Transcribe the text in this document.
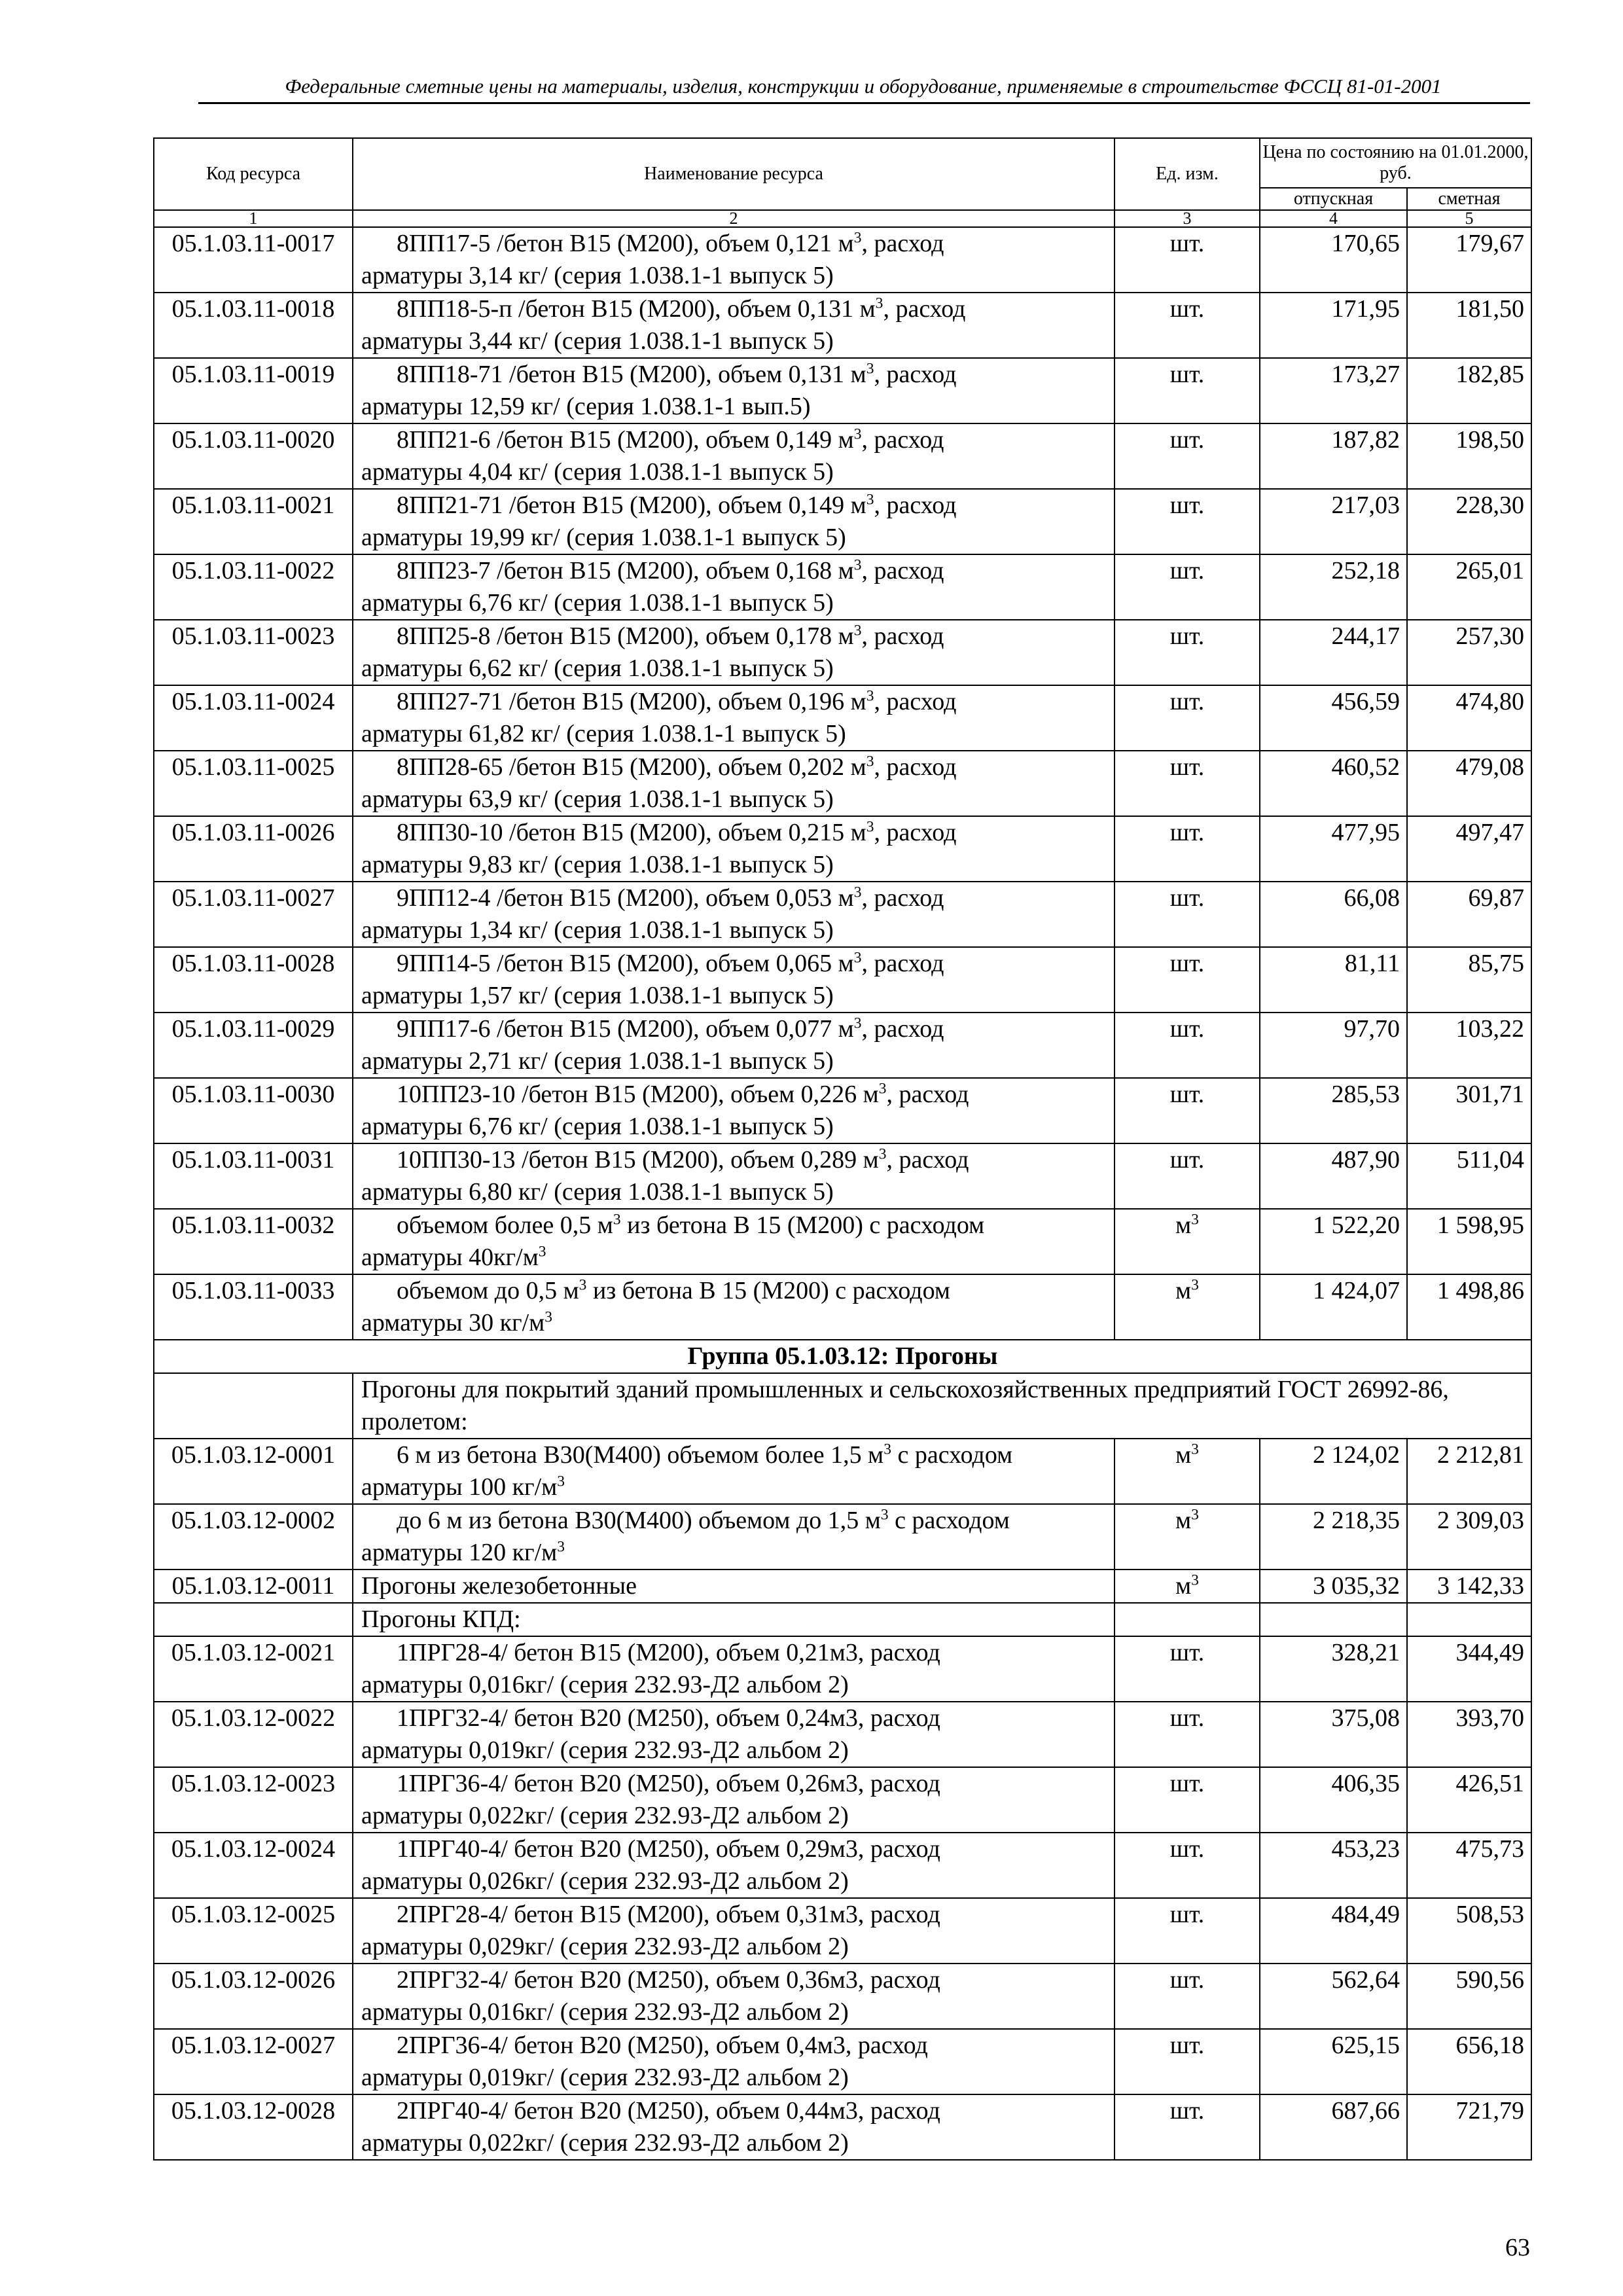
Федеральные сметные цены на материалы, изделия, конструкции и оборудование, применяемые в строительстве ФССЦ 81-01-2001
Код ресурса	Наименование ресурса	Ед. изм.	Цена по состоянию на 01.01.2000, руб.	
			отпускная	сметная
1	2	3	4	5
05.1.03.11-0017	8ПП17-5 /бетон В15 (М200), объем 0,121 $м^3$, расход
арматуры 3,14 кг/ (серия 1.038.1-1 выпуск 5)	шт.	170,65	179,67
05.1.03.11-0018	8ПП18-5-п /бетон В15 (М200), объем 0,131 $м^3$, расход
арматуры 3,44 кг/ (серия 1.038.1-1 выпуск 5)	шт.	171,95	181,50
05.1.03.11-0019	8ПП18-71 /бетон В15 (М200), объем 0,131 $м^3$, расход
арматуры 12,59 кг/ (серия 1.038.1-1 вып.5)	шт.	173,27	182,85
05.1.03.11-0020	8ПП21-6 /бетон В15 (М200), объем 0,149 $м^3$, расход
арматуры 4,04 кг/ (серия 1.038.1-1 выпуск 5)	шт.	187,82	198,50
05.1.03.11-0021	8ПП21-71 /бетон В15 (М200), объем 0,149 $м^3$, расход
арматуры 19,99 кг/ (серия 1.038.1-1 выпуск 5)	шт.	217,03	228,30
05.1.03.11-0022	8ПП23-7 /бетон В15 (М200), объем 0,168 $м^3$, расход
арматуры 6,76 кг/ (серия 1.038.1-1 выпуск 5)	шт.	252,18	265,01
05.1.03.11-0023	8ПП25-8 /бетон В15 (М200), объем 0,178 $м^3$, расход
арматуры 6,62 кг/ (серия 1.038.1-1 выпуск 5)	шт.	244,17	257,30
05.1.03.11-0024	8ПП27-71 /бетон В15 (М200), объем 0,196 $м^3$, расход
арматуры 61,82 кг/ (серия 1.038.1-1 выпуск 5)	шт.	456,59	474,80
05.1.03.11-0025	8ПП28-65 /бетон В15 (М200), объем 0,202 $м^3$, расход
арматуры 63,9 кг/ (серия 1.038.1-1 выпуск 5)	шт.	460,52	479,08
05.1.03.11-0026	8ПП30-10 /бетон В15 (М200), объем 0,215 $м^3$, расход
арматуры 9,83 кг/ (серия 1.038.1-1 выпуск 5)	шт.	477,95	497,47
05.1.03.11-0027	9ПП12-4 /бетон В15 (М200), объем 0,053 $м^3$, расход
арматуры 1,34 кг/ (серия 1.038.1-1 выпуск 5)	шт.	66,08	69,87
05.1.03.11-0028	9ПП14-5 /бетон В15 (М200), объем 0,065 $м^3$, расход
арматуры 1,57 кг/ (серия 1.038.1-1 выпуск 5)	шт.	81,11	85,75
05.1.03.11-0029	9ПП17-6 /бетон В15 (М200), объем 0,077 $м^3$, расход
арматуры 2,71 кг/ (серия 1.038.1-1 выпуск 5)	шт.	97,70	103,22
05.1.03.11-0030	10ПП23-10 /бетон В15 (М200), объем 0,226 $м^3$, расход
арматуры 6,76 кг/ (серия 1.038.1-1 выпуск 5)	шт.	285,53	301,71
05.1.03.11-0031	10ПП30-13 /бетон В15 (М200), объем 0,289 $м^3$, расход
арматуры 6,80 кг/ (серия 1.038.1-1 выпуск 5)	шт.	487,90	511,04
05.1.03.11-0032	объемом более 0,5 $м^3$ из бетона В 15 (М200) с расходом
арматуры $40кг/м^3$	$м^3$	1 522,20	1 598,95
05.1.03.11-0033	объемом до 0,5 $м^3$ из бетона В 15 (М200) с расходом
арматуры 30 $кг/м^3$	$м^3$	1 424,07	1 498,86
Группа 05.1.03.12: Прогоны				
	Прогоны для покрытий зданий промышленных и сельскохозяйственных предприятий ГОСТ 26992-86, пролетом:			
05.1.03.12-0001	6 м из бетона В30(М400) объемом более 1,5 $м^3$ с расходом
арматуры 100 $кг/м^3$	$м^3$	2 124,02	2 212,81
05.1.03.12-0002	до 6 м из бетона В30(М400) объемом до 1,5 $м^3$ с расходом
арматуры 120 $кг/м^3$	$м^3$	2 218,35	2 309,03
05.1.03.12-0011	Прогоны железобетонные	$м^3$	3 035,32	3 142,33
	Прогоны КПД:			
05.1.03.12-0021	1ПРГ28-4/ бетон В15 (М200), объем 0,21м3, расход
арматуры 0,016кг/ (серия 232.93-Д2 альбом 2)	шт.	328,21	344,49
05.1.03.12-0022	1ПРГ32-4/ бетон В20 (М250), объем 0,24м3, расход
арматуры 0,019кг/ (серия 232.93-Д2 альбом 2)	шт.	375,08	393,70
05.1.03.12-0023	1ПРГ36-4/ бетон В20 (М250), объем 0,26м3, расход
арматуры 0,022кг/ (серия 232.93-Д2 альбом 2)	шт.	406,35	426,51
05.1.03.12-0024	1ПРГ40-4/ бетон В20 (М250), объем 0,29м3, расход
арматуры 0,026кг/ (серия 232.93-Д2 альбом 2)	шт.	453,23	475,73
05.1.03.12-0025	2ПРГ28-4/ бетон В15 (М200), объем 0,31м3, расход
арматуры 0,029кг/ (серия 232.93-Д2 альбом 2)	шт.	484,49	508,53
05.1.03.12-0026	2ПРГ32-4/ бетон В20 (М250), объем 0,36м3, расход
арматуры 0,016кг/ (серия 232.93-Д2 альбом 2)	шт.	562,64	590,56
05.1.03.12-0027	2ПРГ36-4/ бетон В20 (М250), объем 0,4м3, расход
арматуры 0,019кг/ (серия 232.93-Д2 альбом 2)	шт.	625,15	656,18
05.1.03.12-0028	2ПРГ40-4/ бетон В20 (М250), объем 0,44м3, расход
арматуры 0,022кг/ (серия 232.93-Д2 альбом 2)	шт.	687,66	721,79
63
